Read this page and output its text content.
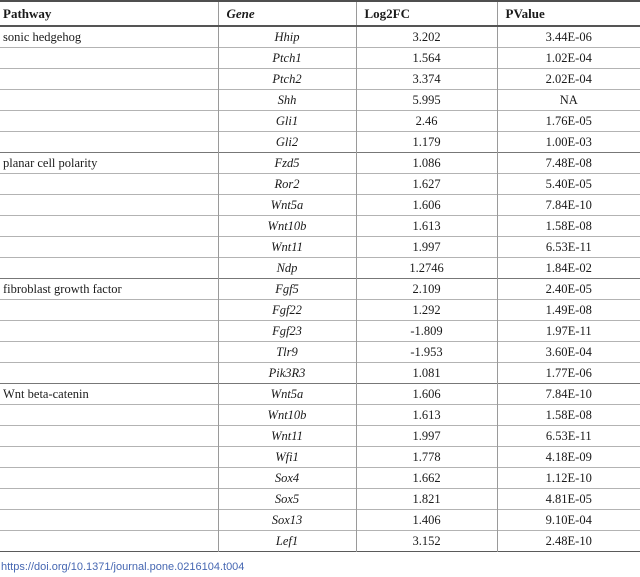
Pathway	Gene	Log2FC	PValue
sonic hedgehog	Hhip	3.202	3.44E-06
	Ptch1	1.564	1.02E-04
	Ptch2	3.374	2.02E-04
	Shh	5.995	NA
	Gli1	2.46	1.76E-05
	Gli2	1.179	1.00E-03
planar cell polarity	Fzd5	1.086	7.48E-08
	Ror2	1.627	5.40E-05
	Wnt5a	1.606	7.84E-10
	Wnt10b	1.613	1.58E-08
	Wnt11	1.997	6.53E-11
	Ndp	1.2746	1.84E-02
fibroblast growth factor	Fgf5	2.109	2.40E-05
	Fgf22	1.292	1.49E-08
	Fgf23	-1.809	1.97E-11
	Tlr9	-1.953	3.60E-04
	Pik3R3	1.081	1.77E-06
Wnt beta-catenin	Wnt5a	1.606	7.84E-10
	Wnt10b	1.613	1.58E-08
	Wnt11	1.997	6.53E-11
	Wfi1	1.778	4.18E-09
	Sox4	1.662	1.12E-10
	Sox5	1.821	4.81E-05
	Sox13	1.406	9.10E-04
	Lef1	3.152	2.48E-10
https://doi.org/10.1371/journal.pone.0216104.t004
